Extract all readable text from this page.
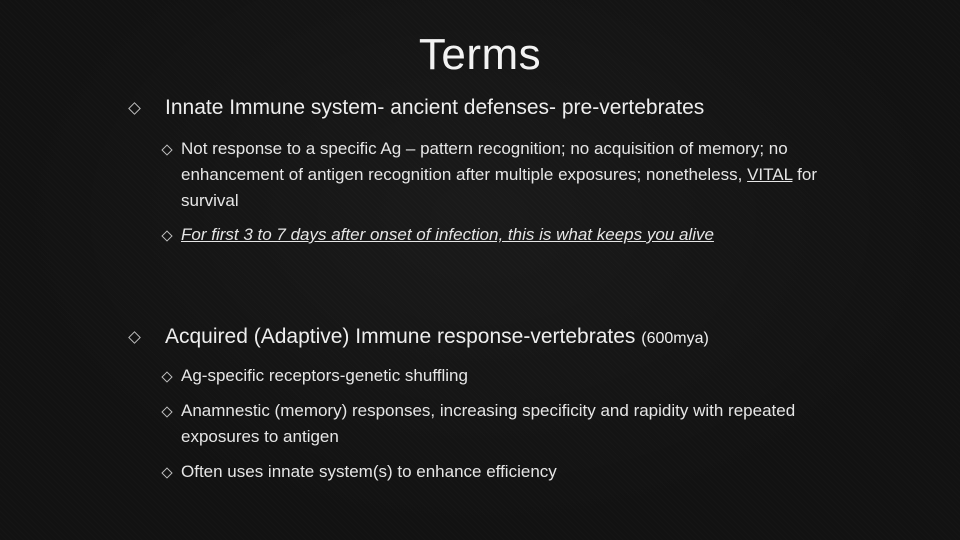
Terms
Innate Immune system- ancient defenses- pre-vertebrates
Not response to a specific Ag – pattern recognition; no acquisition of memory; no enhancement of antigen recognition after multiple exposures; nonetheless, VITAL for survival
For first 3 to 7 days after onset of infection, this is what keeps you alive
Acquired (Adaptive) Immune response-vertebrates (600mya)
Ag-specific receptors-genetic shuffling
Anamnestic (memory) responses, increasing specificity and rapidity with repeated exposures to antigen
Often uses innate system(s) to enhance efficiency
